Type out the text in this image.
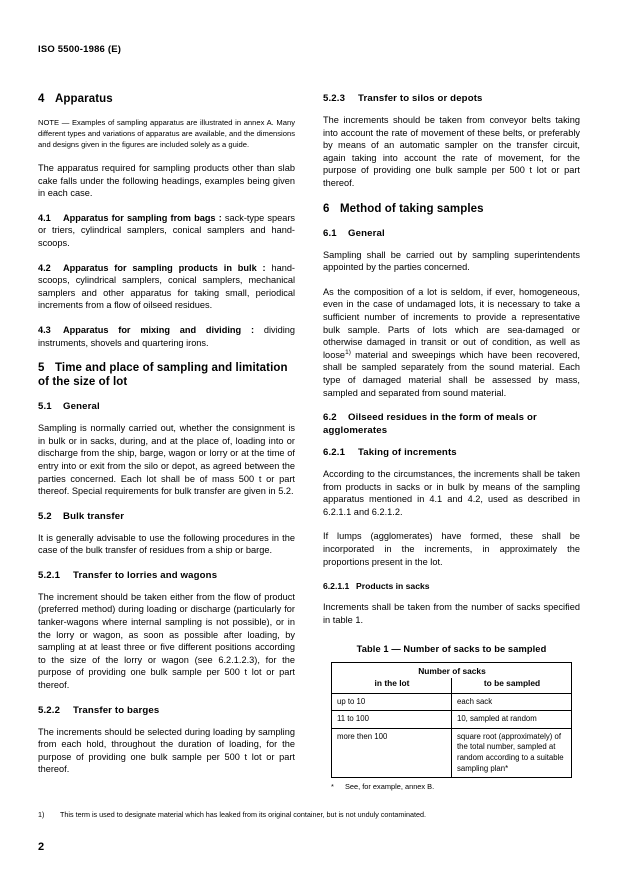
ISO 5500-1986 (E)
4 Apparatus

NOTE — Examples of sampling apparatus are illustrated in annex A. Many different types and variations of apparatus are available, and the dimensions and designs given in the figures are included solely as a guide.

The apparatus required for sampling products other than slab cake falls under the following headings, examples being given in each case.

4.1 Apparatus for sampling from bags : sack-type spears or triers, cylindrical samplers, conical samplers and hand-scoops.

4.2 Apparatus for sampling products in bulk : hand-scoops, cylindrical samplers, conical samplers, mechanical samplers and other apparatus for taking small, periodical increments from a flow of oilseed residues.

4.3 Apparatus for mixing and dividing : dividing instruments, shovels and quartering irons.

5 Time and place of sampling and limitation of the size of lot
5.1 General

Sampling is normally carried out, whether the consignment is in bulk or in sacks, during, and at the place of, loading into or discharge from the ship, barge, wagon or lorry or at the time of entry into or exit from the silo or depot, as agreed between the parties concerned. Each lot shall be of mass 500 t or part thereof. Special requirements for bulk transfer are given in 5.2.

5.2 Bulk transfer

It is generally advisable to use the following procedures in the case of the bulk transfer of residues from a ship or barge.

5.2.1 Transfer to lorries and wagons

The increment should be taken either from the flow of product (preferred method) during loading or discharge (particularly for tanker-wagons where internal sampling is not possible), or in the lorry or wagon, as soon as possible after loading, by sampling at at least three or five different positions according to the size of the lorry or wagon (see 6.2.1.2.3), for the purpose of providing one bulk sample per 500 t lot or part thereof.

5.2.2 Transfer to barges

The increments should be selected during loading by sampling from each hold, throughout the duration of loading, for the purpose of providing one bulk sample per 500 t lot or part thereof.

5.2.3 Transfer to silos or depots

The increments should be taken from conveyor belts taking into account the rate of movement of these belts, or preferably by means of an automatic sampler on the transfer circuit, again taking into account the rate of movement, for the purpose of providing one bulk sample per 500 t lot or part thereof.

6 Method of taking samples
6.1 General

Sampling shall be carried out by sampling superintendents appointed by the parties concerned.

As the composition of a lot is seldom, if ever, homogeneous, even in the case of undamaged lots, it is necessary to take a sufficient number of increments to provide a representative bulk sample. Parts of lots which are sea-damaged or otherwise damaged in transit or out of condition, as well as loose$^{1)}$ material and sweepings which have been recovered, shall be sampled separately from the sound material. Each type of damaged material shall be assessed by mass, sampled and separated from sound material.

6.2 Oilseed residues in the form of meals or agglomerates
6.2.1 Taking of increments

According to the circumstances, the increments shall be taken from products in sacks or in bulk by means of the sampling apparatus mentioned in 4.1 and 4.2, used as described in 6.2.1.1 and 6.2.1.2.

If lumps (agglomerates) have formed, these shall be incorporated in the increments, in approximately the proportions present in the lot.

6.2.1.1 Products in sacks

Increments shall be taken from the number of sacks specified in table 1.

Table 1 — Number of sacks to be sampled
Number of sacks	
in the lot	to be sampled
up to 10	each sack
11 to 100	10, sampled at random
more then 100	square root (approximately) of the total number, sampled at random according to a suitable sampling plan*
*	See, for example, annex B.
1)	This term is used to designate material which has leaked from its original container, but is not unduly contaminated.
2
